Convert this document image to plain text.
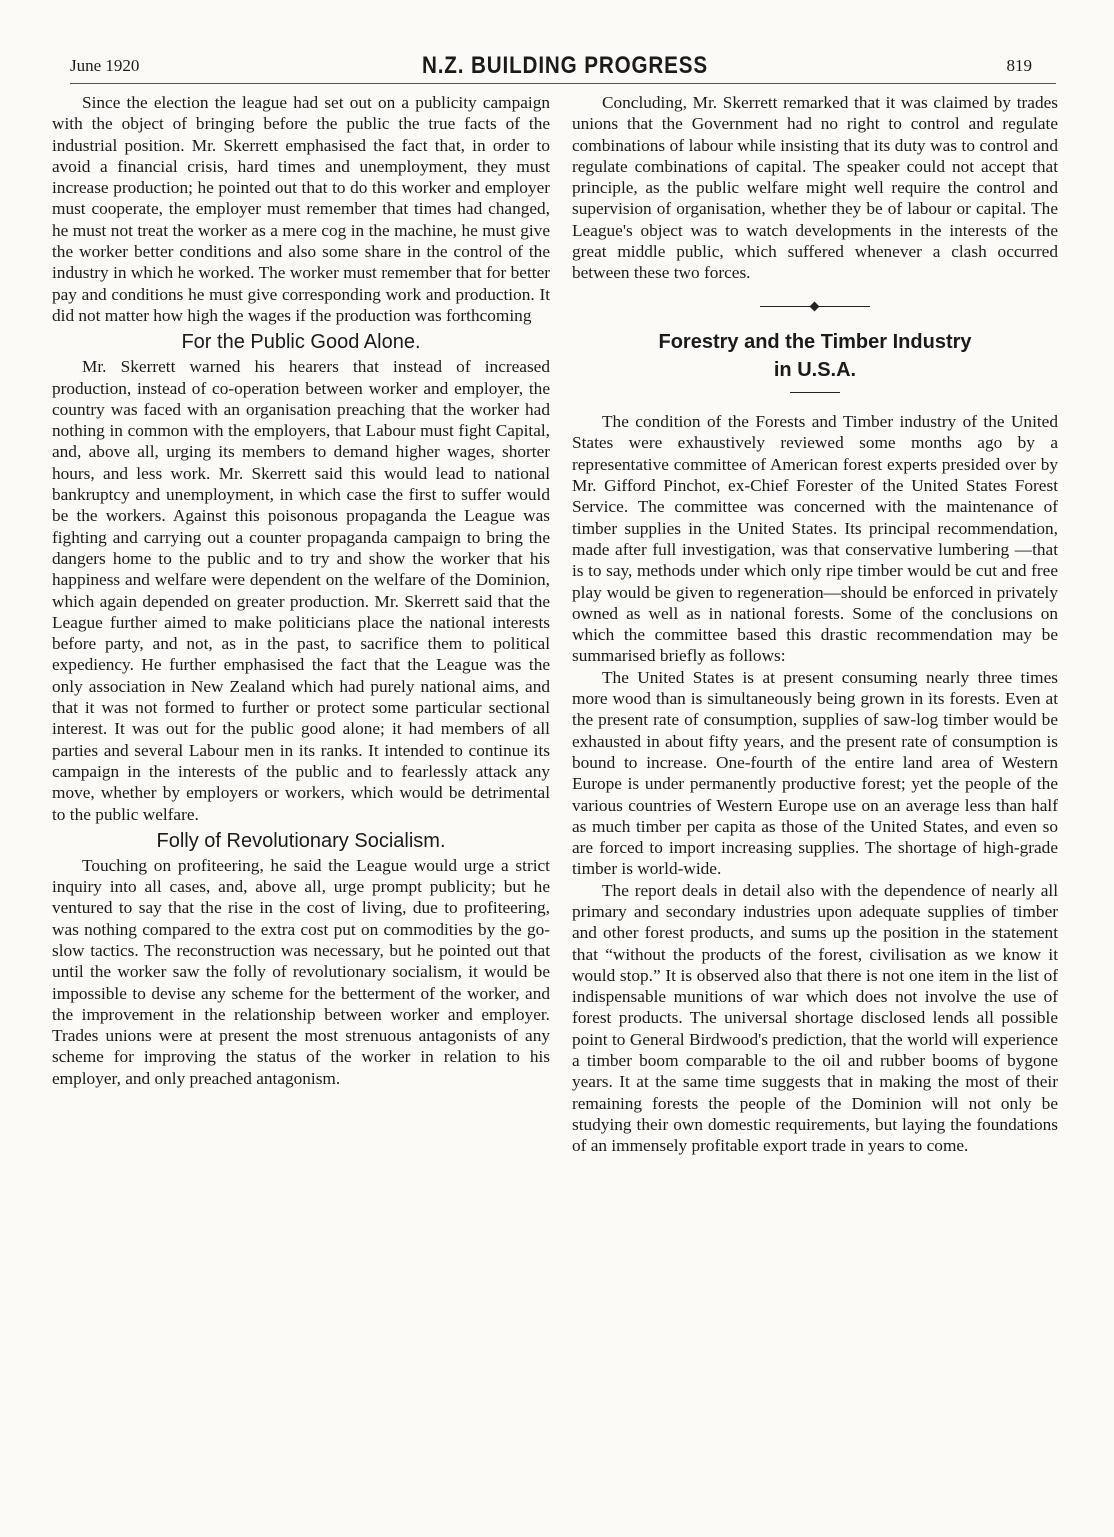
June 1920	N.Z. BUILDING PROGRESS	819

Since the election the league had set out on a publicity campaign with the object of bringing before the public the true facts of the industrial position. Mr. Skerrett emphasised the fact that, in order to avoid a financial crisis, hard times and unemployment, they must increase production; he pointed out that to do this worker and employer must cooperate, the employer must remember that times had changed, he must not treat the worker as a mere cog in the machine, he must give the worker better conditions and also some share in the control of the industry in which he worked. The worker must remember that for better pay and conditions he must give corresponding work and production. It did not matter how high the wages if the production was forthcoming

For the Public Good Alone.

Mr. Skerrett warned his hearers that instead of increased production, instead of co-operation between worker and employer, the country was faced with an organisation preaching that the worker had nothing in common with the employers, that Labour must fight Capital, and, above all, urging its members to demand higher wages, shorter hours, and less work. Mr. Skerrett said this would lead to national bankruptcy and unemployment, in which case the first to suffer would be the workers. Against this poisonous propaganda the League was fighting and carrying out a counter propaganda campaign to bring the dangers home to the public and to try and show the worker that his happiness and welfare were dependent on the welfare of the Dominion, which again depended on greater production. Mr. Skerrett said that the League further aimed to make politicians place the national interests before party, and not, as in the past, to sacrifice them to political expediency. He further emphasised the fact that the League was the only association in New Zealand which had purely national aims, and that it was not formed to further or protect some particular sectional interest. It was out for the public good alone; it had members of all parties and several Labour men in its ranks. It intended to continue its campaign in the interests of the public and to fearlessly attack any move, whether by employers or workers, which would be detrimental to the public welfare.

Folly of Revolutionary Socialism.

Touching on profiteering, he said the League would urge a strict inquiry into all cases, and, above all, urge prompt publicity; but he ventured to say that the rise in the cost of living, due to profiteering, was nothing compared to the extra cost put on commodities by the go-slow tactics. The reconstruction was necessary, but he pointed out that until the worker saw the folly of revolutionary socialism, it would be impossible to devise any scheme for the betterment of the worker, and the improvement in the relationship between worker and employer. Trades unions were at present the most strenuous antagonists of any scheme for improving the status of the worker in relation to his employer, and only preached antagonism.

Concluding, Mr. Skerrett remarked that it was claimed by trades unions that the Government had no right to control and regulate combinations of labour while insisting that its duty was to control and regulate combinations of capital. The speaker could not accept that principle, as the public welfare might well require the control and supervision of organisation, whether they be of labour or capital. The League's object was to watch developments in the interests of the great middle public, which suffered whenever a clash occurred between these two forces.

Forestry and the Timber Industry
in U.S.A.

The condition of the Forests and Timber industry of the United States were exhaustively reviewed some months ago by a representative committee of American forest experts presided over by Mr. Gifford Pinchot, ex-Chief Forester of the United States Forest Service. The committee was concerned with the maintenance of timber supplies in the United States. Its principal recommendation, made after full investigation, was that conservative lumbering —that is to say, methods under which only ripe timber would be cut and free play would be given to regeneration—should be enforced in privately owned as well as in national forests. Some of the conclusions on which the committee based this drastic recommendation may be summarised briefly as follows:

The United States is at present consuming nearly three times more wood than is simultaneously being grown in its forests. Even at the present rate of consumption, supplies of saw-log timber would be exhausted in about fifty years, and the present rate of consumption is bound to increase. One-fourth of the entire land area of Western Europe is under permanently productive forest; yet the people of the various countries of Western Europe use on an average less than half as much timber per capita as those of the United States, and even so are forced to import increasing supplies. The shortage of high-grade timber is world-wide.

The report deals in detail also with the dependence of nearly all primary and secondary industries upon adequate supplies of timber and other forest products, and sums up the position in the statement that “without the products of the forest, civilisation as we know it would stop.” It is observed also that there is not one item in the list of indispensable munitions of war which does not involve the use of forest products. The universal shortage disclosed lends all possible point to General Birdwood's prediction, that the world will experience a timber boom comparable to the oil and rubber booms of bygone years. It at the same time suggests that in making the most of their remaining forests the people of the Dominion will not only be studying their own domestic requirements, but laying the foundations of an immensely profitable export trade in years to come.
